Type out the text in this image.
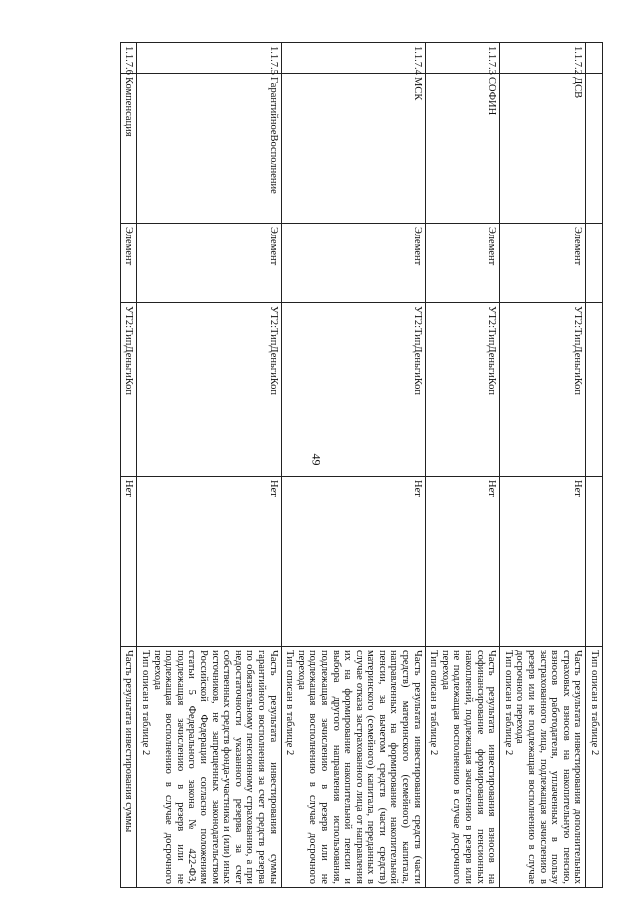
49

					Тип описан в таблице 2

1.1.7.2	ДСВ	Элемент	УТ2:ТипДеньгиКоп	Нет	Часть результата инвестирования дополнительных страховых взносов на накопительную пенсию, взносов работодателя, уплаченных в пользу застрахованного лица, подлежащая зачислению в резерв или не подлежащая восполнению в случае досрочного перехода

Тип описан в таблице 2

1.1.7.3	СОФИН	Элемент	УТ2:ТипДеньгиКоп	Нет	Часть результата инвестирования взносов на софинансирование формирования пенсионных накоплений, подлежащая зачислению в резерв или не подлежащая восполнению в случае досрочного перехода

Тип описан в таблице 2

1.1.7.4	МСК	Элемент	УТ2:ТипДеньгиКоп	Нет	Часть результата инвестирования средств (части средств) материнского (семейного) капитала, направленных на формирование накопительной пенсии, за вычетом средств (части средств) материнского (семейного) капитала, переданных в случае отказа застрахованного лица от направления их на формирование накопительной пенсии и выбора другого направления использования, подлежащая зачислению в резерв или не подлежащая восполнению в случае досрочного перехода

Тип описан в таблице 2

1.1.7.5	ГарантийноеВосполнение	Элемент	УТ2:ТипДеньгиКоп	Нет	Часть результата инвестирования суммы гарантийного восполнения за счет средств резерва по обязательному пенсионному страхованию, а при недостаточности указанного резерва за счет собственных средств фонда-участника и (или) иных источников, не запрещенных законодательством Российской Федерации согласно положениям статьи 5 Федерального закона № 422-ФЗ, подлежащая зачислению в резерв или не подлежащая восполнению в случае досрочного перехода

Тип описан в таблице 2

1.1.7.6	Компенсация	Элемент	УТ2:ТипДеньгиКоп	Нет	Часть результата инвестирования суммы
